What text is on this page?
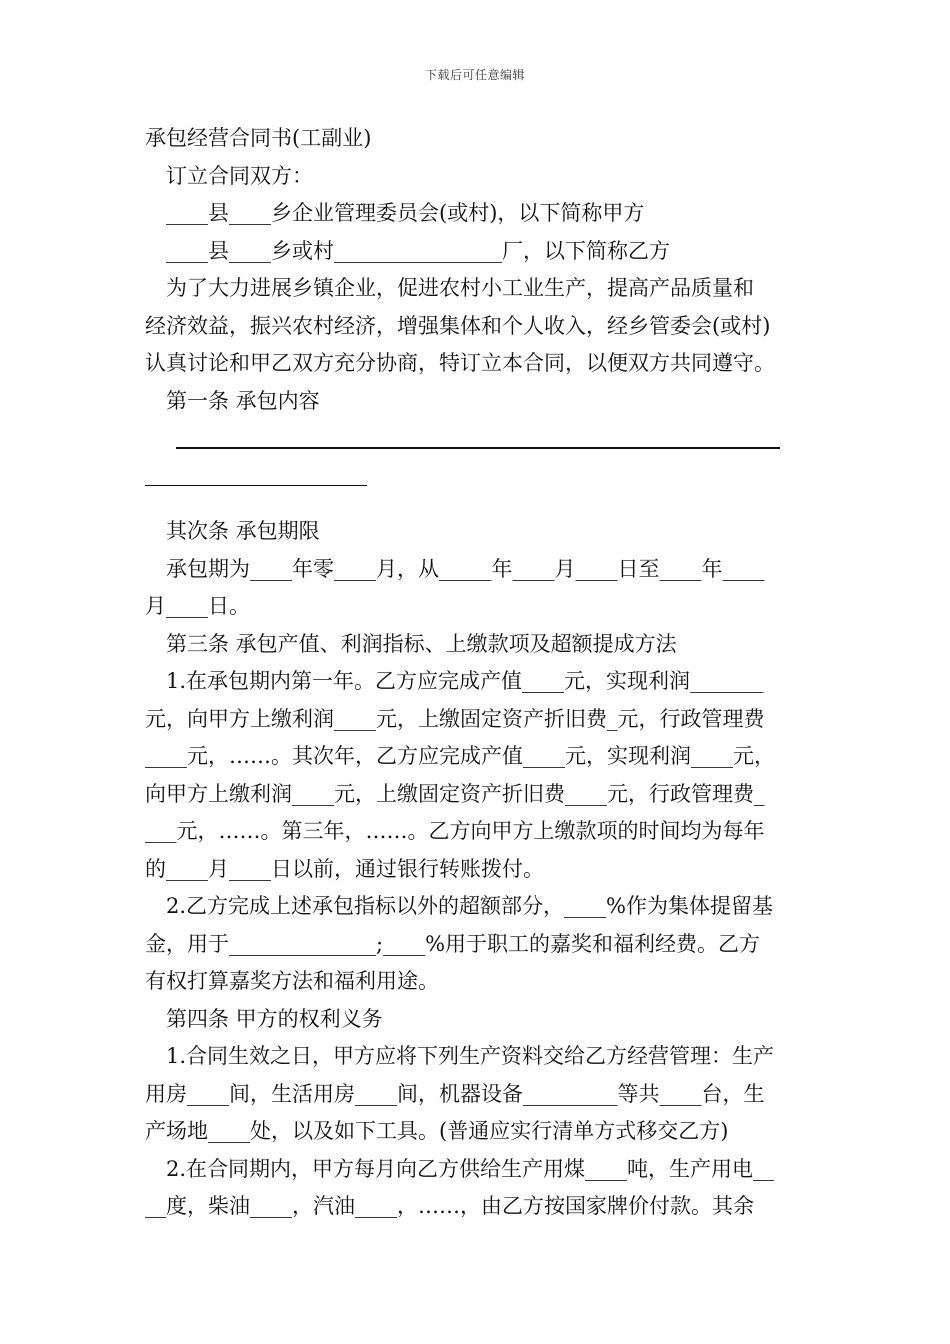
下载后可任意编辑
承包经营合同书(工副业)
订立合同双方：
____县____乡企业管理委员会(或村)，以下简称甲方
____县____乡或村________________厂，以下简称乙方
为了大力进展乡镇企业，促进农村小工业生产，提高产品质量和
经济效益，振兴农村经济，增强集体和个人收入，经乡管委会(或村)
认真讨论和甲乙双方充分协商，特订立本合同，以便双方共同遵守。
第一条 承包内容
其次条 承包期限
承包期为____年零____月，从_____年____月____日至____年____
月____日。
第三条 承包产值、利润指标、上缴款项及超额提成方法
1.在承包期内第一年。乙方应完成产值____元，实现利润_______
元，向甲方上缴利润____元，上缴固定资产折旧费_元，行政管理费
____元，……。其次年，乙方应完成产值____元，实现利润____元，
向甲方上缴利润____元，上缴固定资产折旧费____元，行政管理费_
___元，……。第三年，……。乙方向甲方上缴款项的时间均为每年
的____月____日以前，通过银行转账拨付。
2.乙方完成上述承包指标以外的超额部分，____%作为集体提留基
金，用于______________;____%用于职工的嘉奖和福利经费。乙方
有权打算嘉奖方法和福利用途。
第四条 甲方的权利义务
1.合同生效之日，甲方应将下列生产资料交给乙方经营管理：生产
用房____间，生活用房____间，机器设备_________等共____台，生
产场地____处，以及如下工具。(普通应实行清单方式移交乙方)
2.在合同期内，甲方每月向乙方供给生产用煤____吨，生产用电__
__度，柴油____，汽油____，……，由乙方按国家牌价付款。其余
